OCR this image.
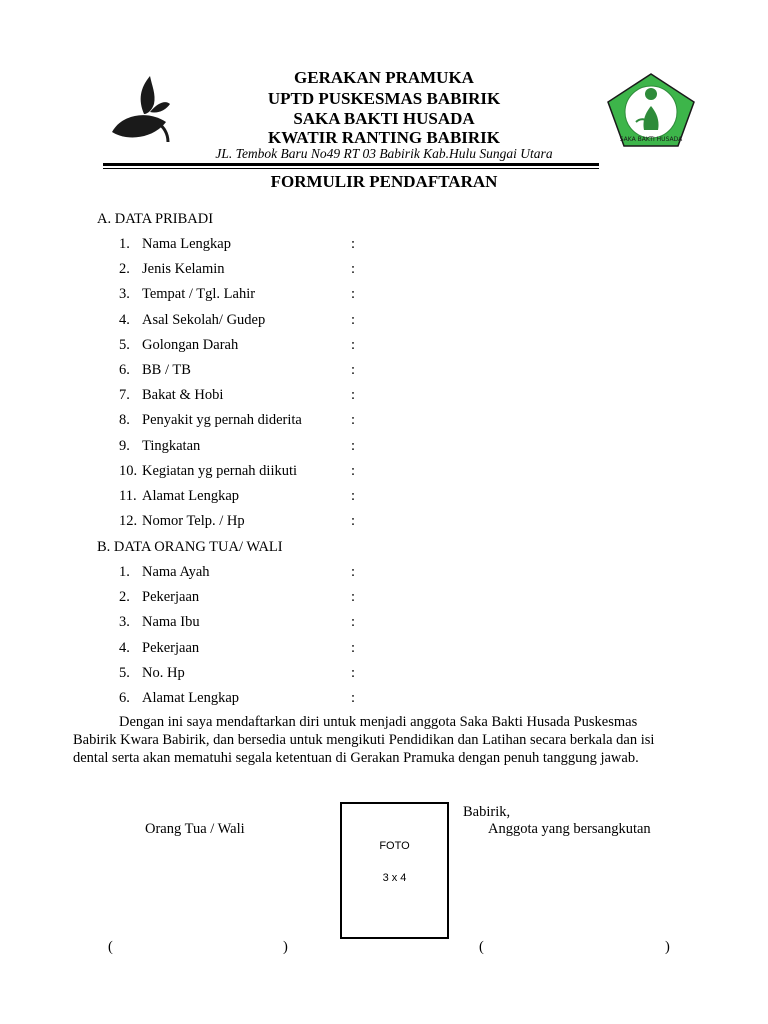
SAKA BAKTI HUSADA
GERAKAN PRAMUKA
UPTD PUSKESMAS BABIRIK
SAKA BAKTI HUSADA
KWATIR RANTING BABIRIK
JL. Tembok Baru No49 RT 03 Babirik Kab.Hulu Sungai Utara
FORMULIR PENDAFTARAN
A. DATA PRIBADI
1. Nama Lengkap	:
2. Jenis Kelamin	:
3. Tempat / Tgl. Lahir	:
4. Asal Sekolah/ Gudep	:
5. Golongan Darah	:
6. BB / TB	:
7. Bakat & Hobi	:
8. Penyakit yg pernah diderita	:
9. Tingkatan	:
10. Kegiatan yg pernah diikuti	:
11. Alamat Lengkap	:
12. Nomor Telp. / Hp	:
B. DATA ORANG TUA/ WALI
1. Nama Ayah	:
2. Pekerjaan	:
3. Nama Ibu	:
4. Pekerjaan	:
5. No. Hp	:
6. Alamat Lengkap	:
Dengan ini saya mendaftarkan diri untuk menjadi anggota Saka Bakti Husada Puskesmas
Babirik Kwara Babirik, dan bersedia untuk mengikuti Pendidikan dan Latihan secara berkala dan isi
dental serta akan mematuhi segala ketentuan di Gerakan Pramuka dengan penuh tanggung jawab.
Orang Tua / Wali
Babirik,
Anggota yang bersangkutan
FOTO
3 x 4
(	)	(	)
